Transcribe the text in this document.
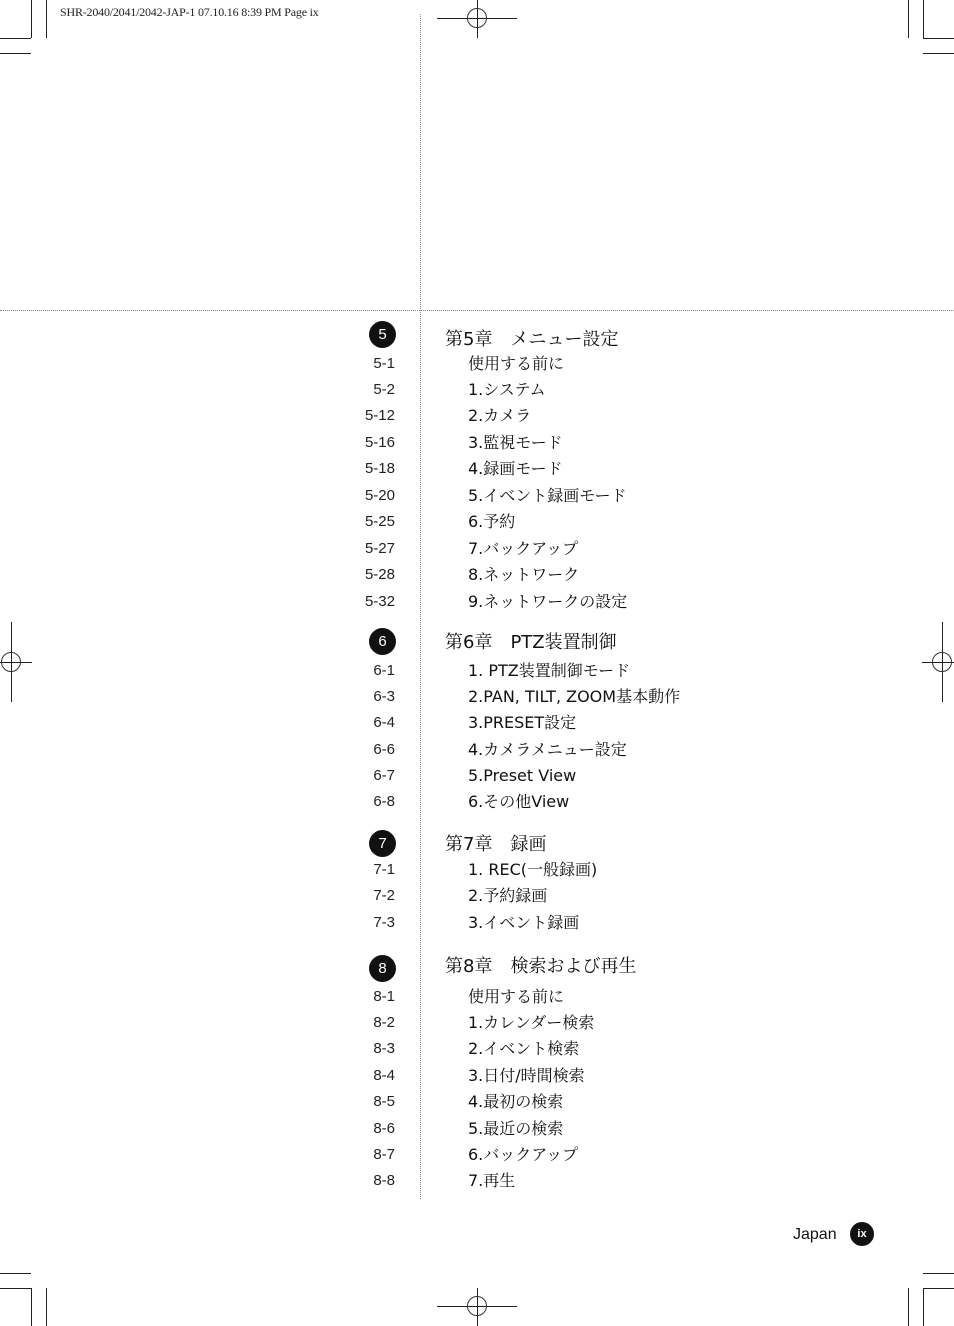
SHR-2040/2041/2042-JAP-1 07.10.16 8:39 PM Page ix
5	第5章　メニュー設定
5-1	使用する前に
5-2	1.システム
5-12	2.カメラ
5-16	3.監視モード
5-18	4.録画モード
5-20	5.イベント録画モード
5-25	6.予約
5-27	7.バックアップ
5-28	8.ネットワーク
5-32	9.ネットワークの設定
6	第6章　PTZ装置制御
6-1	1. PTZ装置制御モード
6-3	2.PAN, TILT, ZOOM基本動作
6-4	3.PRESET設定
6-6	4.カメラメニュー設定
6-7	5.Preset View
6-8	6.その他View
7	第7章　録画
7-1	1. REC(一般録画)
7-2	2.予約録画
7-3	3.イベント録画
8	第8章　検索および再生
8-1	使用する前に
8-2	1.カレンダー検索
8-3	2.イベント検索
8-4	3.日付/時間検索
8-5	4.最初の検索
8-6	5.最近の検索
8-7	6.バックアップ
8-8	7.再生
Japan	ix
